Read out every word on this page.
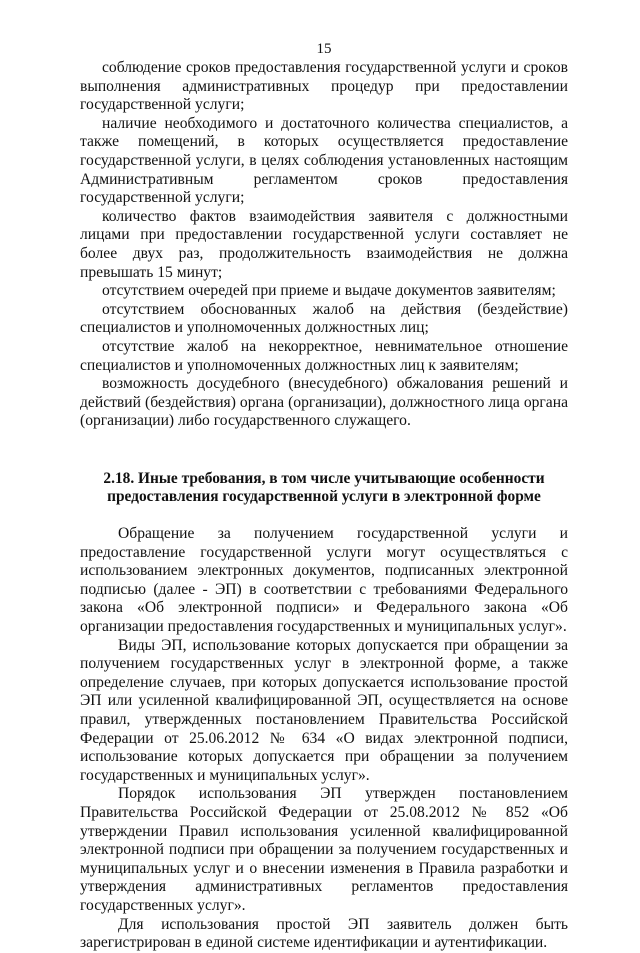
15

соблюдение сроков предоставления государственной услуги и сроков выполнения административных процедур при предоставлении государственной услуги;

наличие необходимого и достаточного количества специалистов, а также помещений, в которых осуществляется предоставление государственной услуги, в целях соблюдения установленных настоящим Административным регламентом сроков предоставления государственной услуги;

количество фактов взаимодействия заявителя с должностными лицами при предоставлении государственной услуги составляет не более двух раз, продолжительность взаимодействия не должна превышать 15 минут;

отсутствием очередей при приеме и выдаче документов заявителям;

отсутствием обоснованных жалоб на действия (бездействие) специалистов и уполномоченных должностных лиц;

отсутствие жалоб на некорректное, невнимательное отношение специалистов и уполномоченных должностных лиц к заявителям;

возможность досудебного (внесудебного) обжалования решений и действий (бездействия) органа (организации), должностного лица органа (организации) либо государственного служащего.

2.18. Иные требования, в том числе учитывающие особенности
предоставления государственной услуги в электронной форме

Обращение за получением государственной услуги и предоставление государственной услуги могут осуществляться с использованием электронных документов, подписанных электронной подписью (далее - ЭП) в соответствии с требованиями Федерального закона «Об электронной подписи» и Федерального закона «Об организации предоставления государственных и муниципальных услуг».

Виды ЭП, использование которых допускается при обращении за получением государственных услуг в электронной форме, а также определение случаев, при которых допускается использование простой ЭП или усиленной квалифицированной ЭП, осуществляется на основе правил, утвержденных постановлением Правительства Российской Федерации от 25.06.2012 № 634 «О видах электронной подписи, использование которых допускается при обращении за получением государственных и муниципальных услуг».

Порядок использования ЭП утвержден постановлением Правительства Российской Федерации от 25.08.2012 № 852 «Об утверждении Правил использования усиленной квалифицированной электронной подписи при обращении за получением государственных и муниципальных услуг и о внесении изменения в Правила разработки и утверждения административных регламентов предоставления государственных услуг».

Для использования простой ЭП заявитель должен быть зарегистрирован в единой системе идентификации и аутентификации.
